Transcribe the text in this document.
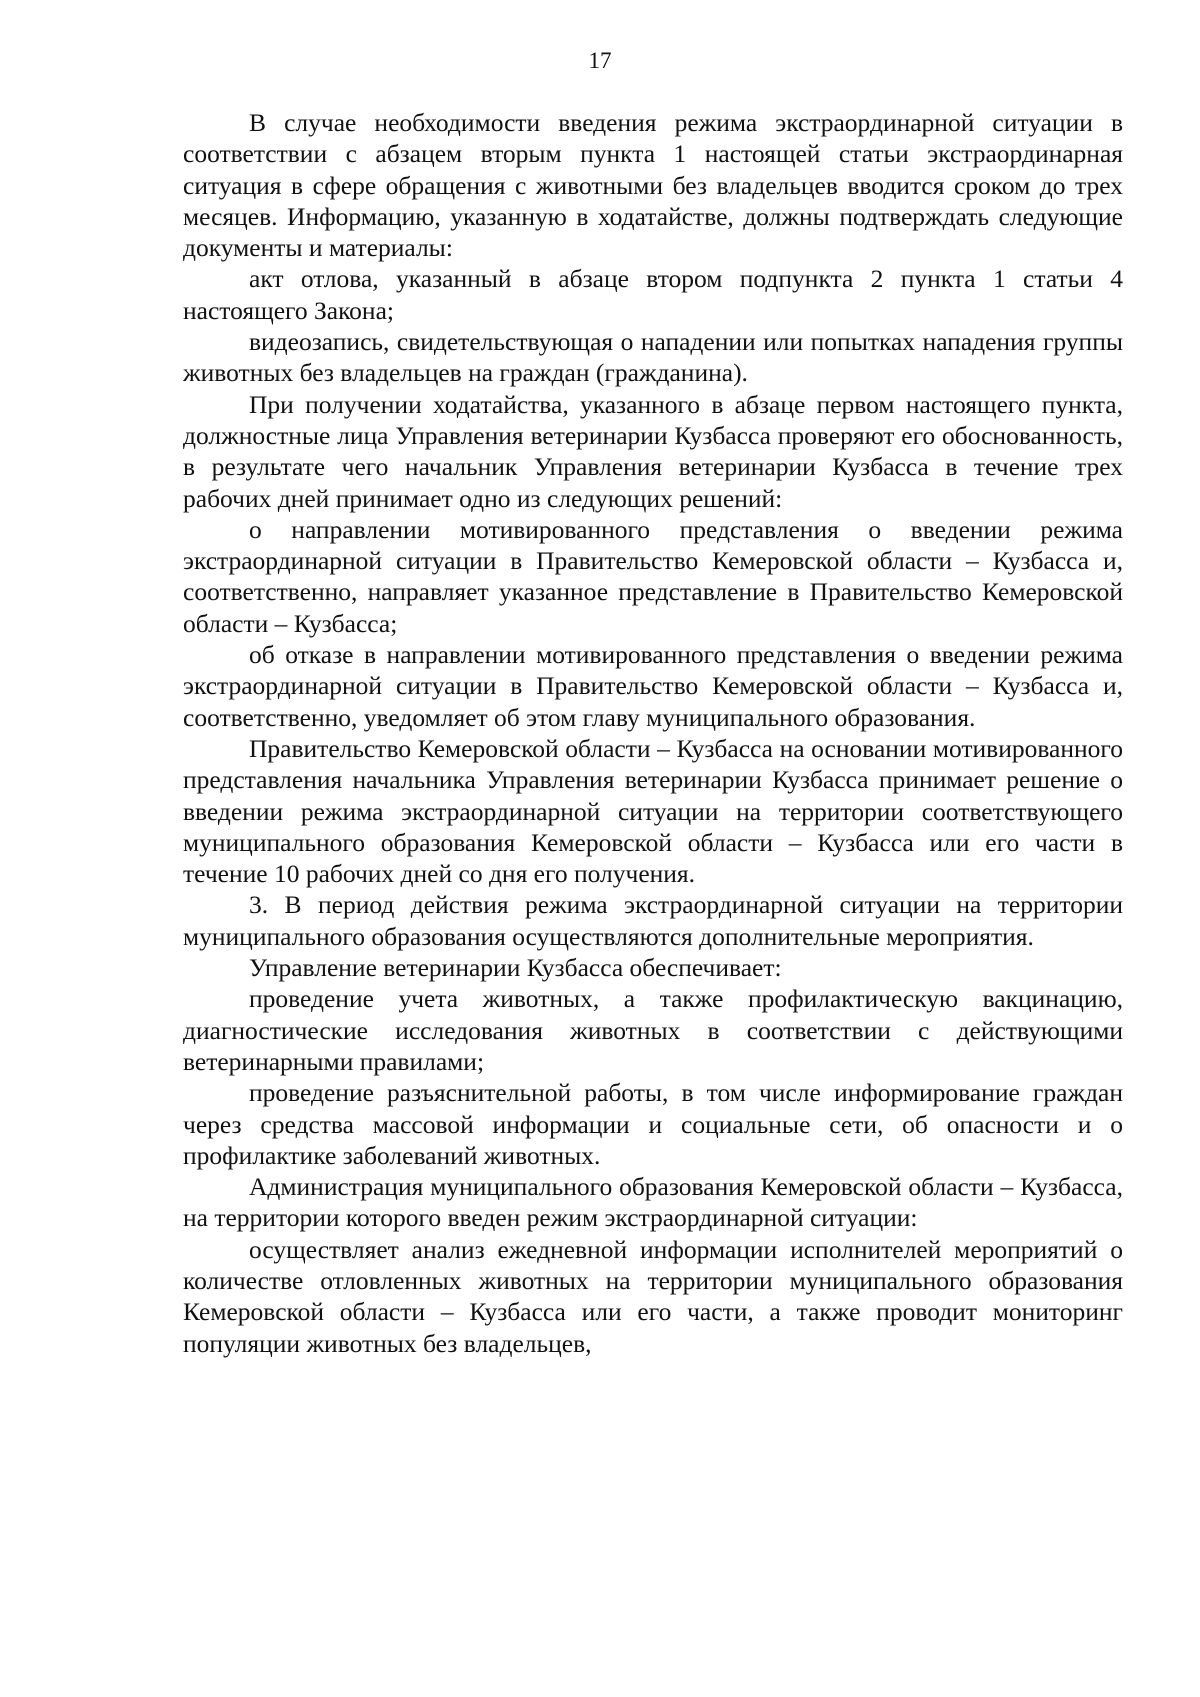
17

В случае необходимости введения режима экстраординарной ситуации в соответствии с абзацем вторым пункта 1 настоящей статьи экстраординарная ситуация в сфере обращения с животными без владельцев вводится сроком до трех месяцев. Информацию, указанную в ходатайстве, должны подтверждать следующие документы и материалы:

акт отлова, указанный в абзаце втором подпункта 2 пункта 1 статьи 4 настоящего Закона;

видеозапись, свидетельствующая о нападении или попытках нападения группы животных без владельцев на граждан (гражданина).

При получении ходатайства, указанного в абзаце первом настоящего пункта, должностные лица Управления ветеринарии Кузбасса проверяют его обоснованность, в результате чего начальник Управления ветеринарии Кузбасса в течение трех рабочих дней принимает одно из следующих решений:

о направлении мотивированного представления о введении режима экстраординарной ситуации в Правительство Кемеровской области – Кузбасса и, соответственно, направляет указанное представление в Правительство Кемеровской области – Кузбасса;

об отказе в направлении мотивированного представления о введении режима экстраординарной ситуации в Правительство Кемеровской области – Кузбасса и, соответственно, уведомляет об этом главу муниципального образования.

Правительство Кемеровской области – Кузбасса на основании мотивированного представления начальника Управления ветеринарии Кузбасса принимает решение о введении режима экстраординарной ситуации на территории соответствующего муниципального образования Кемеровской области – Кузбасса или его части в течение 10 рабочих дней со дня его получения.

3. В период действия режима экстраординарной ситуации на территории муниципального образования осуществляются дополнительные мероприятия.

Управление ветеринарии Кузбасса обеспечивает:

проведение учета животных, а также профилактическую вакцинацию, диагностические исследования животных в соответствии с действующими ветеринарными правилами;

проведение разъяснительной работы, в том числе информирование граждан через средства массовой информации и социальные сети, об опасности и о профилактике заболеваний животных.

Администрация муниципального образования Кемеровской области – Кузбасса, на территории которого введен режим экстраординарной ситуации:

осуществляет анализ ежедневной информации исполнителей мероприятий о количестве отловленных животных на территории муниципального образования Кемеровской области – Кузбасса или его части, а также проводит мониторинг популяции животных без владельцев,
